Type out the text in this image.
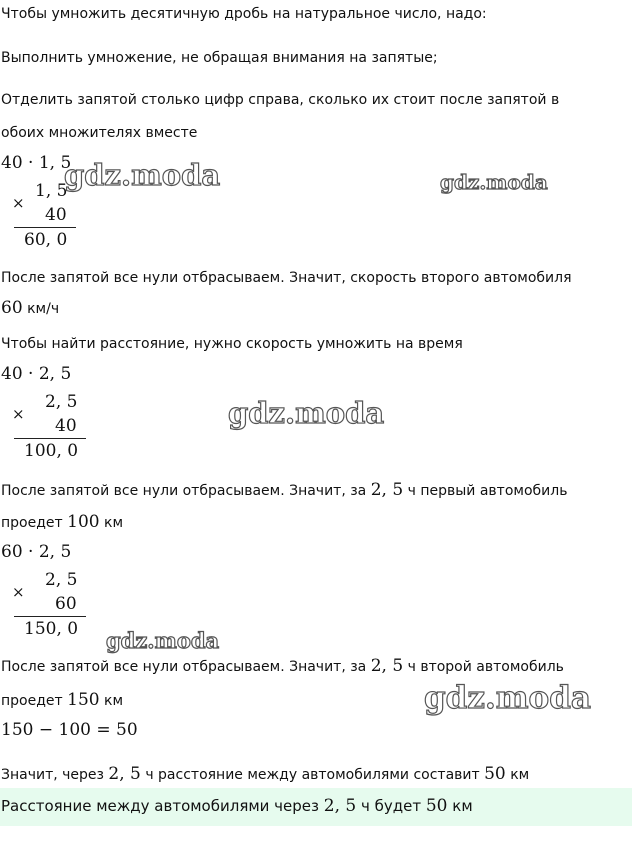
Чтобы умножить десятичную дробь на натуральное число, надо:
Выполнить умножение, не обращая внимания на запятые;
Отделить запятой столько цифр справа, сколько их стоит после запятой в
обоих множителях вместе
40 · 1, 5
1, 5
×
40
60, 0
После запятой все нули отбрасываем. Значит, скорость второго автомобиля
60 км/ч
Чтобы найти расстояние, нужно скорость умножить на время
40 · 2, 5
2, 5
×
40
100, 0
После запятой все нули отбрасываем. Значит, за 2, 5 ч первый автомобиль
проедет 100 км
60 · 2, 5
2, 5
×
60
150, 0
После запятой все нули отбрасываем. Значит, за 2, 5 ч второй автомобиль
проедет 150 км
150 − 100 = 50
Значит, через 2, 5 ч расстояние между автомобилями составит 50 км
Расстояние между автомобилями через 2, 5 ч будет 50 км
gdz.moda	gdz.moda
gdz.moda
gdz.moda
gdz.moda
